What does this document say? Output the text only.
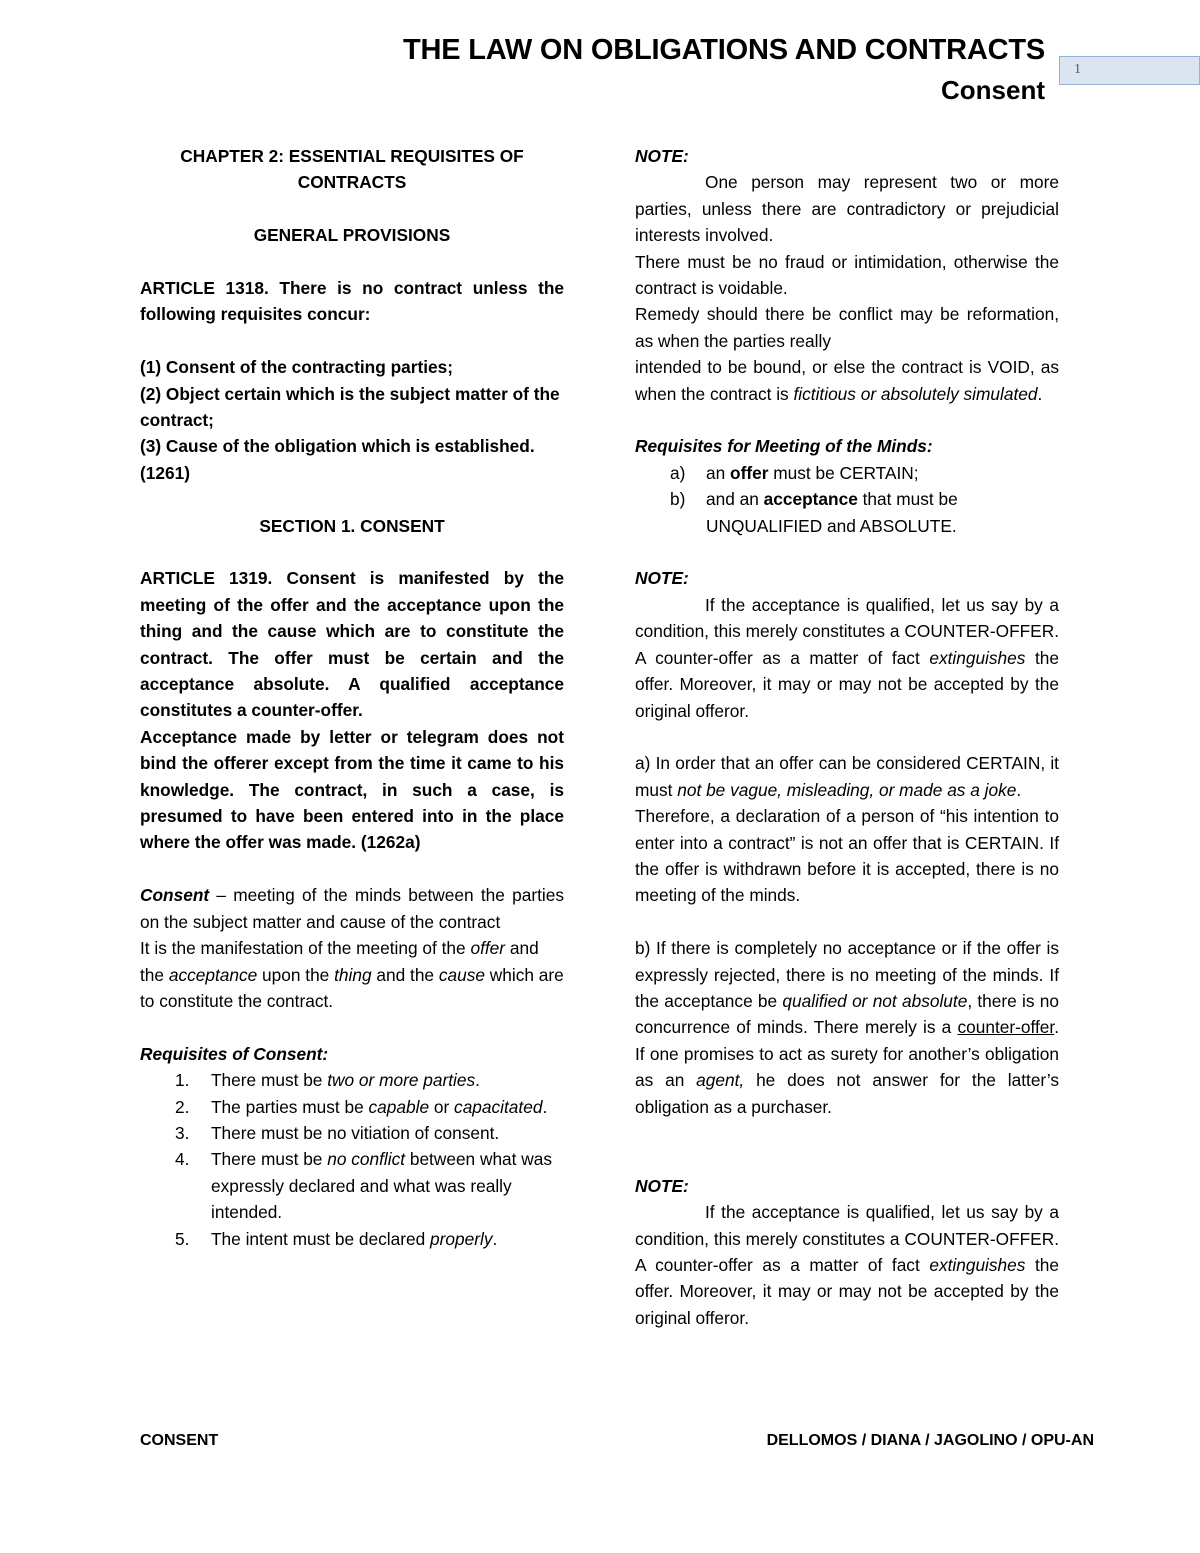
THE LAW ON OBLIGATIONS AND CONTRACTS
Consent
1

CHAPTER 2: ESSENTIAL REQUISITES OF
CONTRACTS

GENERAL PROVISIONS

ARTICLE 1318. There is no contract unless the following requisites concur:

(1) Consent of the contracting parties;

(2) Object certain which is the subject matter of the contract;

(3) Cause of the obligation which is established. (1261)

SECTION 1. CONSENT

ARTICLE 1319. Consent is manifested by the meeting of the offer and the acceptance upon the thing and the cause which are to constitute the contract. The offer must be certain and the acceptance absolute. A qualified acceptance constitutes a counter-offer.

Acceptance made by letter or telegram does not bind the offerer except from the time it came to his knowledge. The contract, in such a case, is presumed to have been entered into in the place where the offer was made. (1262a)

Consent – meeting of the minds between the parties on the subject matter and cause of the contract

It is the manifestation of the meeting of the offer and the acceptance upon the thing and the cause which are to constitute the contract.

Requisites of Consent:

1. There must be two or more parties.
2. The parties must be capable or capacitated.
3. There must be no vitiation of consent.
4. There must be no conflict between what was expressly declared and what was really intended.
5. The intent must be declared properly.

NOTE:

One person may represent two or more parties, unless there are contradictory or prejudicial interests involved.

There must be no fraud or intimidation, otherwise the contract is voidable.

Remedy should there be conflict may be reformation, as when the parties really

intended to be bound, or else the contract is VOID, as when the contract is fictitious or absolutely simulated.

Requisites for Meeting of the Minds:

a) an offer must be CERTAIN;
b) and an acceptance that must be UNQUALIFIED and ABSOLUTE.

NOTE:

If the acceptance is qualified, let us say by a condition, this merely constitutes a COUNTER-OFFER. A counter-offer as a matter of fact extinguishes the offer. Moreover, it may or may not be accepted by the original offeror.

a) In order that an offer can be considered CERTAIN, it must not be vague, misleading, or made as a joke.

Therefore, a declaration of a person of “his intention to enter into a contract” is not an offer that is CERTAIN. If the offer is withdrawn before it is accepted, there is no meeting of the minds.

b) If there is completely no acceptance or if the offer is expressly rejected, there is no meeting of the minds. If the acceptance be qualified or not absolute, there is no concurrence of minds. There merely is a counter-offer. If one promises to act as surety for another’s obligation as an agent, he does not answer for the latter’s obligation as a purchaser.

NOTE:

If the acceptance is qualified, let us say by a condition, this merely constitutes a COUNTER-OFFER. A counter-offer as a matter of fact extinguishes the offer. Moreover, it may or may not be accepted by the original offeror.

CONSENT	DELLOMOS / DIANA / JAGOLINO / OPU-AN
